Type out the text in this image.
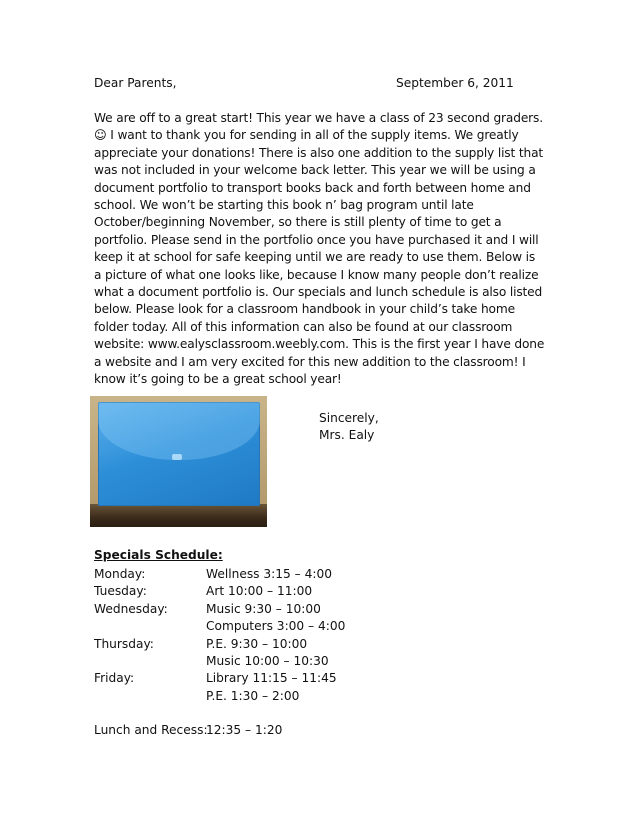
Dear Parents,	September 6, 2011

We are off to a great start! This year we have a class of 23 second graders.☺ I want to thank you for sending in all of the supply items. We greatly appreciate your donations! There is also one addition to the supply list that was not included in your welcome back letter. This year we will be using a document portfolio to transport books back and forth between home and school. We won’t be starting this book n’ bag program until late October/beginning November, so there is still plenty of time to get a portfolio. Please send in the portfolio once you have purchased it and I will keep it at school for safe keeping until we are ready to use them. Below is a picture of what one looks like, because I know many people don’t realize what a document portfolio is. Our specials and lunch schedule is also listed below. Please look for a classroom handbook in your child’s take home folder today. All of this information can also be found at our classroom website: www.ealysclassroom.weebly.com. This is the first year I have done a website and I am very excited for this new addition to the classroom! I know it’s going to be a great school year!

Sincerely,
Mrs. Ealy
Specials Schedule:
Monday:	Wellness 3:15 – 4:00
Tuesday:	Art 10:00 – 11:00
Wednesday:	Music 9:30 – 10:00
Computers 3:00 – 4:00
Thursday:	P.E. 9:30 – 10:00
Music 10:00 – 10:30
Friday:	Library 11:15 – 11:45
P.E. 1:30 – 2:00
Lunch and Recess:
12:35 – 1:20
